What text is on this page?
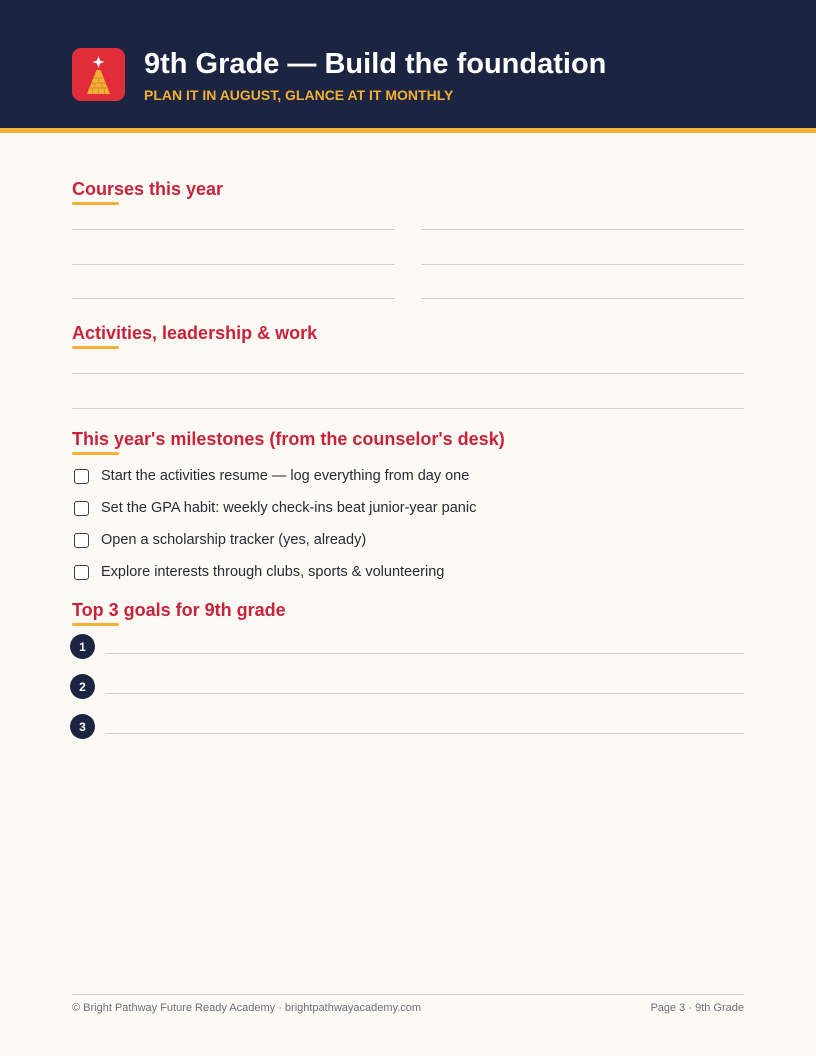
9th Grade — Build the foundation
PLAN IT IN AUGUST, GLANCE AT IT MONTHLY
Courses this year
Activities, leadership & work
This year's milestones (from the counselor's desk)
Start the activities resume — log everything from day one
Set the GPA habit: weekly check-ins beat junior-year panic
Open a scholarship tracker (yes, already)
Explore interests through clubs, sports & volunteering
Top 3 goals for 9th grade
1
2
3
© Bright Pathway Future Ready Academy · brightpathwayacademy.com	Page 3 · 9th Grade
